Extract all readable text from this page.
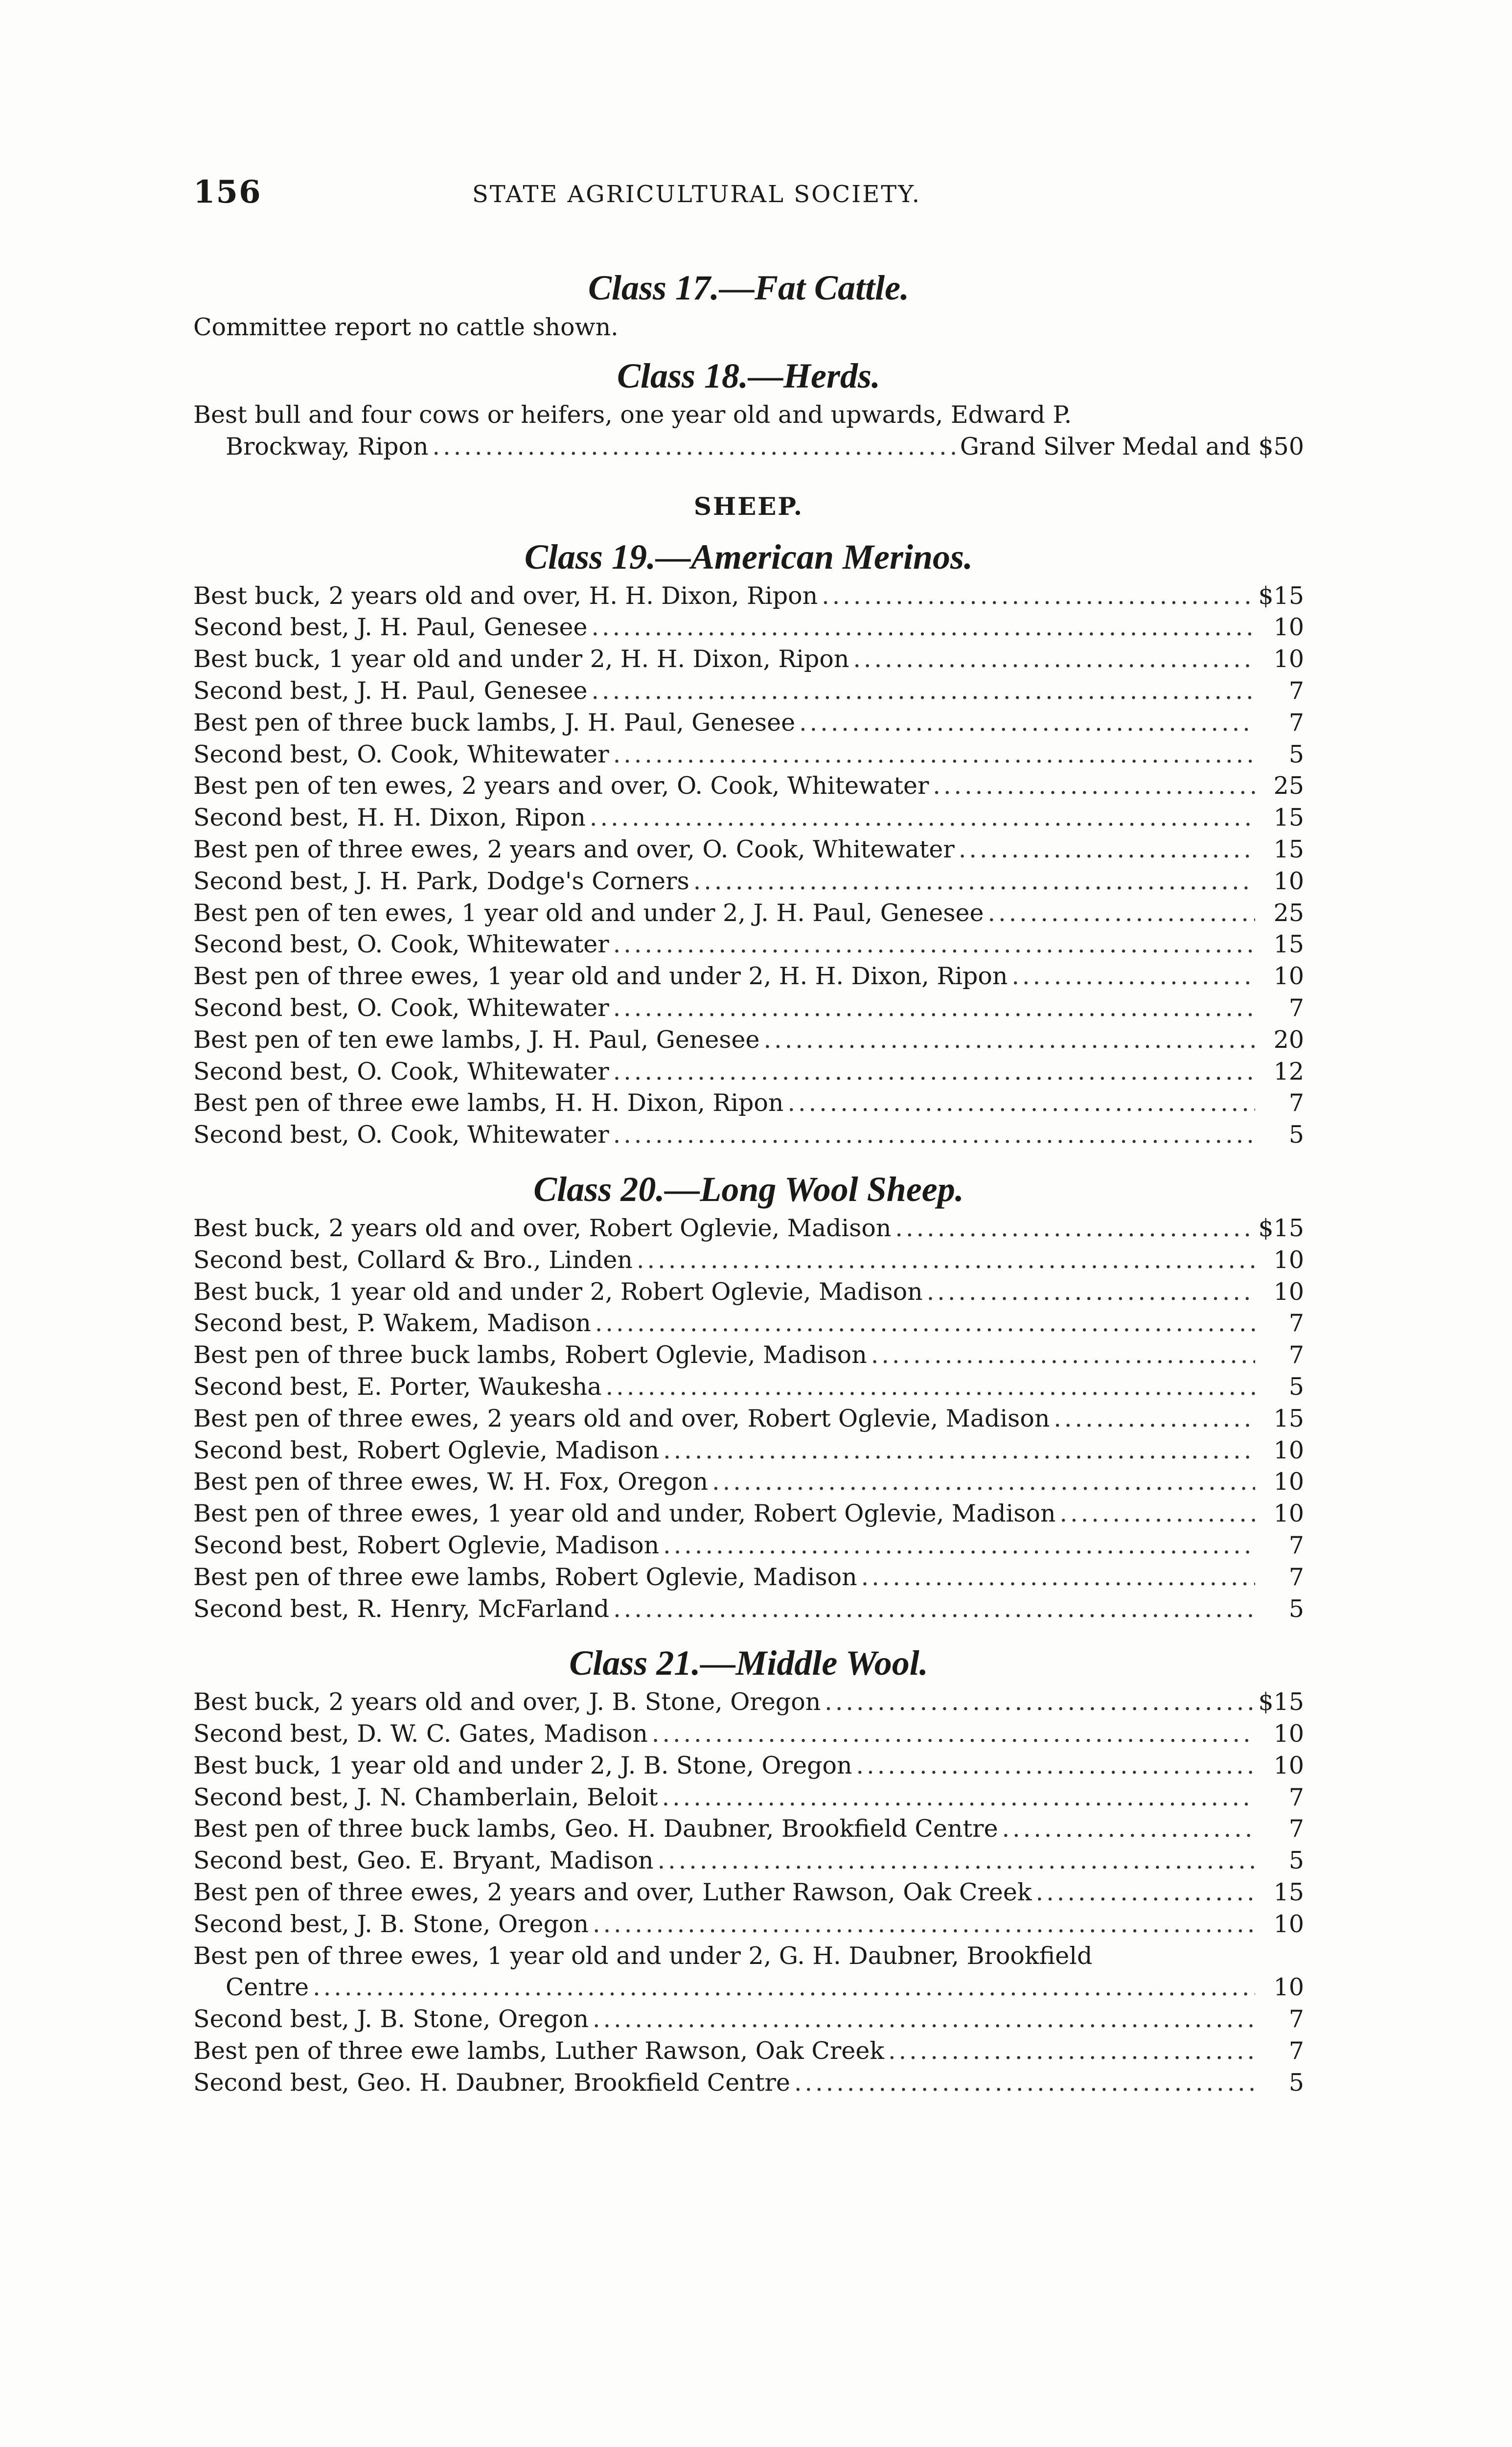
156	STATE AGRICULTURAL SOCIETY.
Class 17.—Fat Cattle.

Committee report no cattle shown.

Class 18.—Herds.
Best bull and four cows or heifers, one year old and upwards, Edward P.
Brockway, Ripon .....	Grand Silver Medal and $50
SHEEP.
Class 19.—American Merinos.
Best buck, 2 years old and over, H. H. Dixon, Ripon .....	$15
Second best, J. H. Paul, Genesee .....	10
Best buck, 1 year old and under 2, H. H. Dixon, Ripon .....	10
Second best, J. H. Paul, Genesee .....	7
Best pen of three buck lambs, J. H. Paul, Genesee .....	7
Second best, O. Cook, Whitewater .....	5
Best pen of ten ewes, 2 years and over, O. Cook, Whitewater .....	25
Second best, H. H. Dixon, Ripon .....	15
Best pen of three ewes, 2 years and over, O. Cook, Whitewater .....	15
Second best, J. H. Park, Dodge's Corners .....	10
Best pen of ten ewes, 1 year old and under 2, J. H. Paul, Genesee .....	25
Second best, O. Cook, Whitewater .....	15
Best pen of three ewes, 1 year old and under 2, H. H. Dixon, Ripon .....	10
Second best, O. Cook, Whitewater .....	7
Best pen of ten ewe lambs, J. H. Paul, Genesee .....	20
Second best, O. Cook, Whitewater .....	12
Best pen of three ewe lambs, H. H. Dixon, Ripon .....	7
Second best, O. Cook, Whitewater .....	5
Class 20.—Long Wool Sheep.
Best buck, 2 years old and over, Robert Oglevie, Madison .....	$15
Second best, Collard & Bro., Linden .....	10
Best buck, 1 year old and under 2, Robert Oglevie, Madison .....	10
Second best, P. Wakem, Madison .....	7
Best pen of three buck lambs, Robert Oglevie, Madison .....	7
Second best, E. Porter, Waukesha .....	5
Best pen of three ewes, 2 years old and over, Robert Oglevie, Madison .....	15
Second best, Robert Oglevie, Madison .....	10
Best pen of three ewes, W. H. Fox, Oregon .....	10
Best pen of three ewes, 1 year old and under, Robert Oglevie, Madison .....	10
Second best, Robert Oglevie, Madison .....	7
Best pen of three ewe lambs, Robert Oglevie, Madison .....	7
Second best, R. Henry, McFarland .....	5
Class 21.—Middle Wool.
Best buck, 2 years old and over, J. B. Stone, Oregon .....	$15
Second best, D. W. C. Gates, Madison .....	10
Best buck, 1 year old and under 2, J. B. Stone, Oregon .....	10
Second best, J. N. Chamberlain, Beloit .....	7
Best pen of three buck lambs, Geo. H. Daubner, Brookfield Centre .....	7
Second best, Geo. E. Bryant, Madison .....	5
Best pen of three ewes, 2 years and over, Luther Rawson, Oak Creek .....	15
Second best, J. B. Stone, Oregon .....	10
Best pen of three ewes, 1 year old and under 2, G. H. Daubner, Brookfield
Centre .....	10
Second best, J. B. Stone, Oregon .....	7
Best pen of three ewe lambs, Luther Rawson, Oak Creek .....	7
Second best, Geo. H. Daubner, Brookfield Centre .....	5
